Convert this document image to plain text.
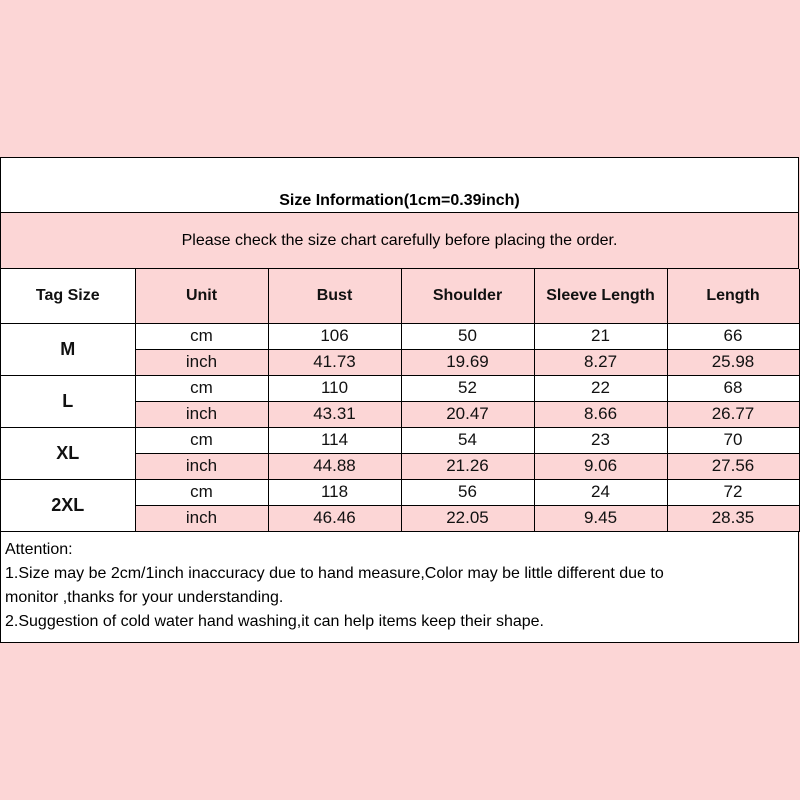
Size Information(1cm=0.39inch)
Please check the size chart carefully before placing the order.
Tag Size	Unit	Bust	Shoulder	Sleeve Length	Length
M	cm	106	50	21	66
	inch	41.73	19.69	8.27	25.98
L	cm	110	52	22	68
	inch	43.31	20.47	8.66	26.77
XL	cm	114	54	23	70
	inch	44.88	21.26	9.06	27.56
2XL	cm	118	56	24	72
	inch	46.46	22.05	9.45	28.35
Attention:
1.Size may be 2cm/1inch inaccuracy due to hand measure,Color may be little different due to
monitor ,thanks for your understanding.
2.Suggestion of cold water hand washing,it can help items keep their shape.
